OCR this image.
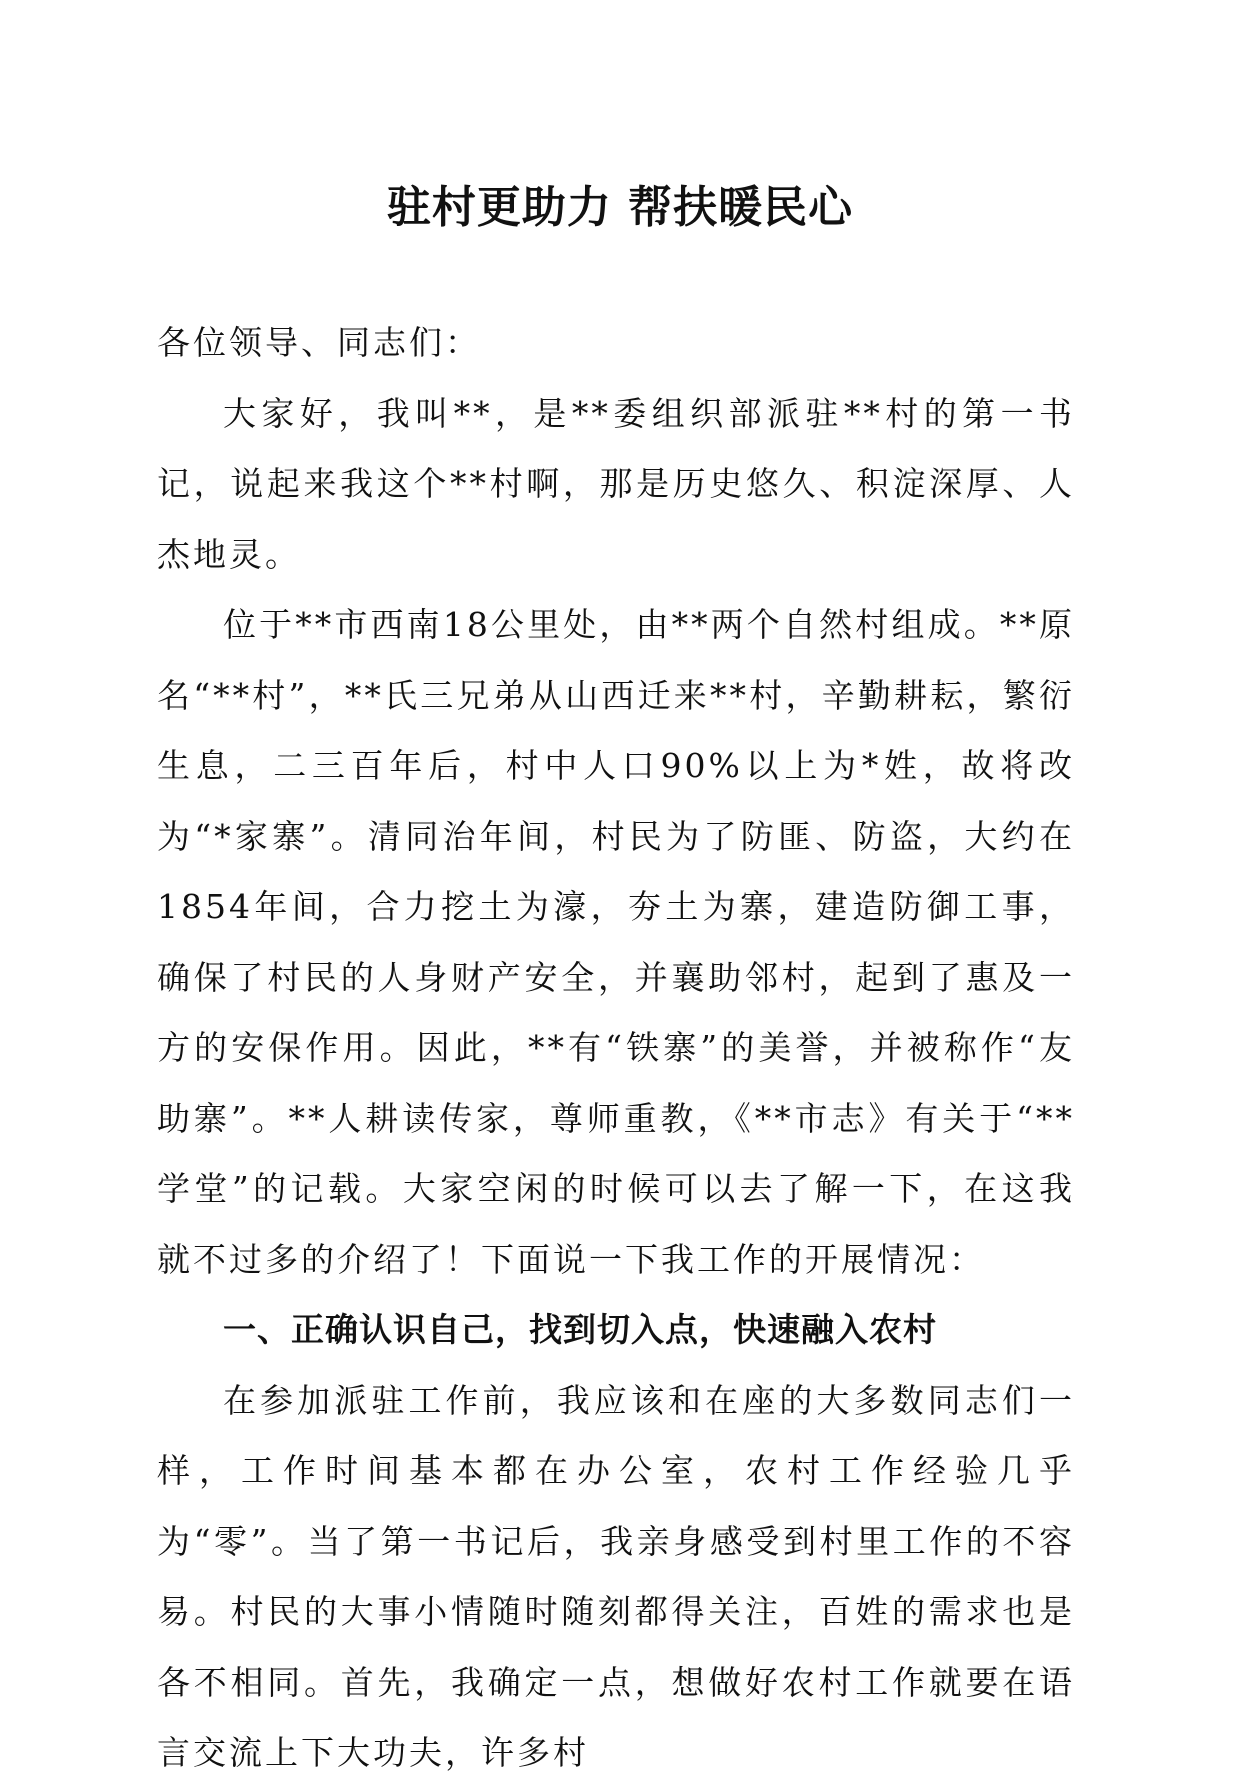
驻村更助力 帮扶暖民心

各位领导、同志们：

大家好，我叫**，是**委组织部派驻**村的第一书记，说起来我这个**村啊，那是历史悠久、积淀深厚、人杰地灵。

位于**市西南18公里处，由**两个自然村组成。**原名“**村”，**氏三兄弟从山西迁来**村，辛勤耕耘，繁衍生息，二三百年后，村中人口90%以上为*姓，故将改为“*家寨”。清同治年间，村民为了防匪、防盗，大约在1854年间，合力挖土为濠，夯土为寨，建造防御工事，确保了村民的人身财产安全，并襄助邻村，起到了惠及一方的安保作用。因此，**有“铁寨”的美誉，并被称作“友助寨”。**人耕读传家，尊师重教，《**市志》有关于“**学堂”的记载。大家空闲的时候可以去了解一下，在这我就不过多的介绍了！下面说一下我工作的开展情况：

一、正确认识自己，找到切入点，快速融入农村

在参加派驻工作前，我应该和在座的大多数同志们一样，工作时间基本都在办公室，农村工作经验几乎为“零”。当了第一书记后，我亲身感受到村里工作的不容易。村民的大事小情随时随刻都得关注，百姓的需求也是各不相同。首先，我确定一点，想做好农村工作就要在语言交流上下大功夫，许多村
